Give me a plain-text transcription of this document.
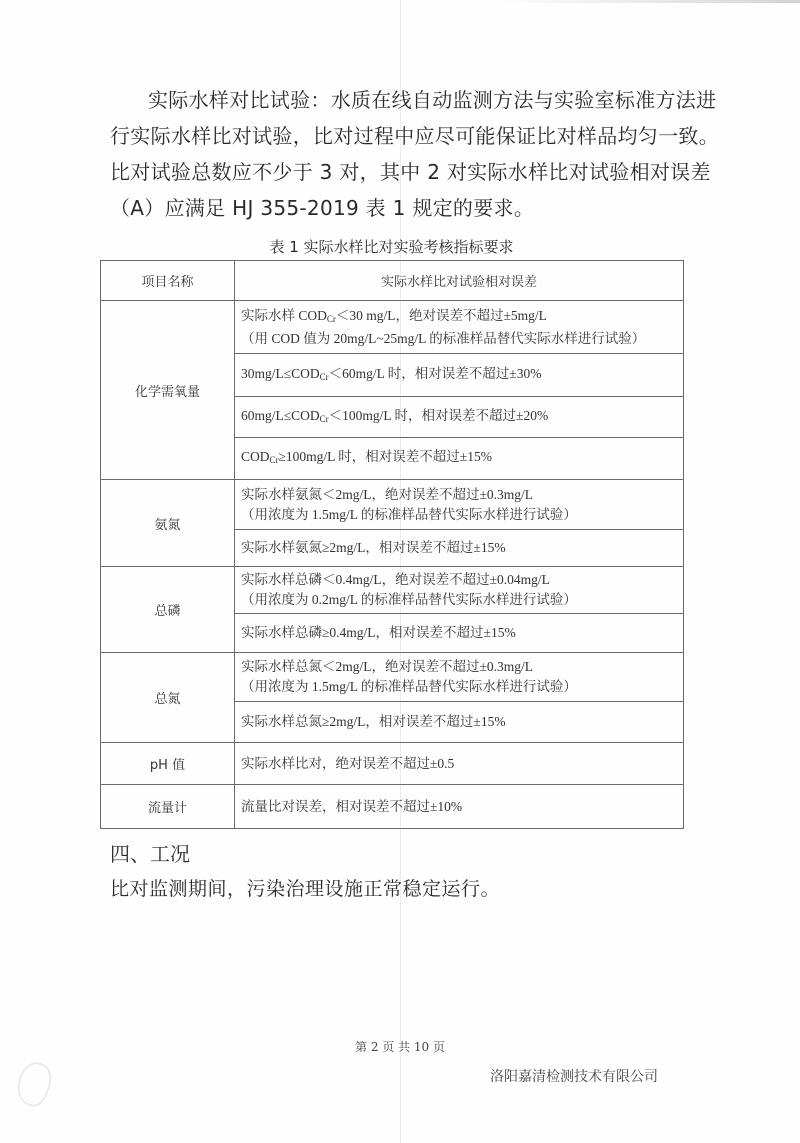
实际水样对比试验：水质在线自动监测方法与实验室标准方法进
行实际水样比对试验，比对过程中应尽可能保证比对样品均匀一致。
比对试验总数应不少于 3 对，其中 2 对实际水样比对试验相对误差
（A）应满足 HJ 355-2019 表 1 规定的要求。
表 1 实际水样比对实验考核指标要求
项目名称	实际水样比对试验相对误差
化学需氧量	实际水样 $COD_{Cr}<30$ mg/L，绝对误差不超过±5mg/L
（用 COD 值为 20mg/L~25mg/L 的标准样品替代实际水样进行试验）

	$30mg/L\le COD_{Cr}<60mg/L$ 时，相对误差不超过±30%

	$60mg/L\le COD_{Cr}<100mg/L$ 时，相对误差不超过±20%

	$COD_{Cr}\ge 100mg/L$ 时，相对误差不超过±15%

氨氮	实际水样氨氮＜2mg/L，绝对误差不超过±0.3mg/L
（用浓度为 1.5mg/L 的标准样品替代实际水样进行试验）

	实际水样氨氮≥2mg/L，相对误差不超过±15%

总磷	实际水样总磷＜0.4mg/L，绝对误差不超过±0.04mg/L
（用浓度为 0.2mg/L 的标准样品替代实际水样进行试验）

	实际水样总磷≥0.4mg/L，相对误差不超过±15%

总氮	实际水样总氮＜2mg/L，绝对误差不超过±0.3mg/L
（用浓度为 1.5mg/L 的标准样品替代实际水样进行试验）

	实际水样总氮≥2mg/L，相对误差不超过±15%

pH 值	实际水样比对，绝对误差不超过±0.5

流量计	流量比对误差，相对误差不超过±10%
四、工况
比对监测期间，污染治理设施正常稳定运行。
第 2 页 共 10 页
洛阳嘉清检测技术有限公司
